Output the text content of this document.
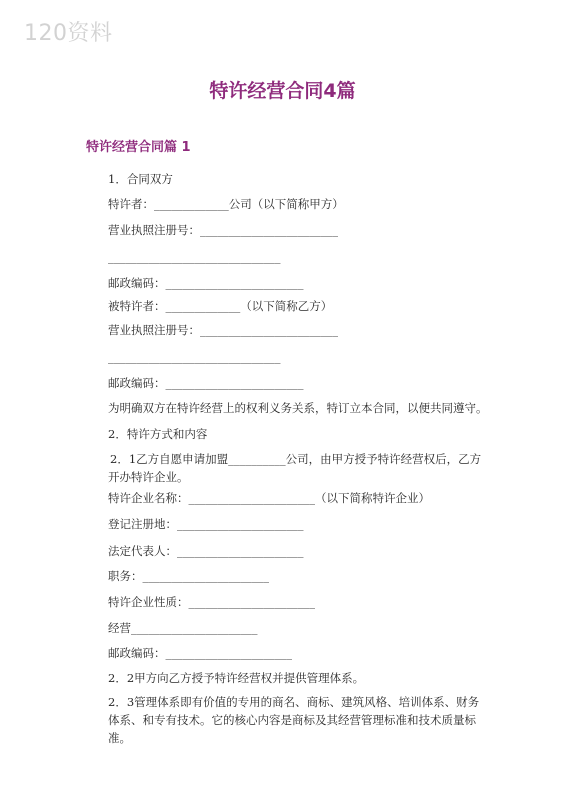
120资料
特许经营合同4篇
特许经营合同篇 1
1．合同双方
特许者：_____________公司（以下简称甲方）
营业执照注册号：________________________
______________________________
邮政编码：________________________
被特许者：_____________（以下简称乙方）
营业执照注册号：________________________
______________________________
邮政编码：________________________
为明确双方在特许经营上的权利义务关系，特订立本合同，以便共同遵守。
2．特许方式和内容
2．1乙方自愿申请加盟__________公司，由甲方授予特许经营权后，乙方开办特许企业。
特许企业名称：______________________（以下简称特许企业）
登记注册地：______________________
法定代表人：______________________
职务：______________________
特许企业性质：______________________
经营______________________
邮政编码：______________________
2．2甲方向乙方授予特许经营权并提供管理体系。
2．3管理体系即有价值的专用的商名、商标、建筑风格、培训体系、财务体系、和专有技术。它的核心内容是商标及其经营管理标准和技术质量标准。
